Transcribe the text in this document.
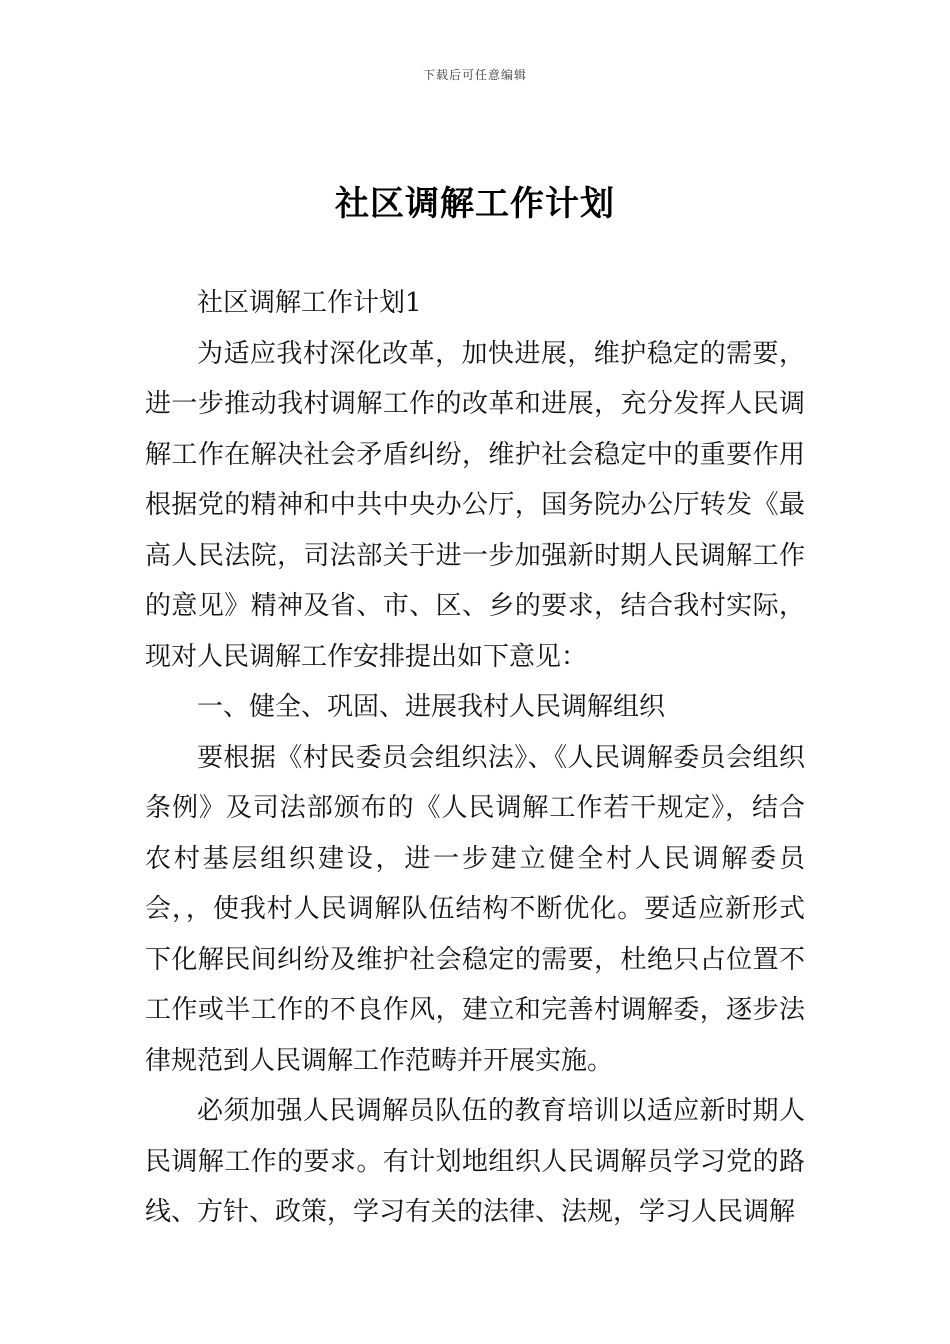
下载后可任意编辑
社区调解工作计划

社区调解工作计划1

为适应我村深化改革，加快进展，维护稳定的需要，进一步推动我村调解工作的改革和进展，充分发挥人民调解工作在解决社会矛盾纠纷，维护社会稳定中的重要作用根据党的精神和中共中央办公厅，国务院办公厅转发《最高人民法院，司法部关于进一步加强新时期人民调解工作的意见》精神及省、市、区、乡的要求，结合我村实际，现对人民调解工作安排提出如下意见：

一、健全、巩固、进展我村人民调解组织

要根据《村民委员会组织法》、《人民调解委员会组织条例》及司法部颁布的《人民调解工作若干规定》，结合农村基层组织建设，进一步建立健全村人民调解委员会，，使我村人民调解队伍结构不断优化。要适应新形式下化解民间纠纷及维护社会稳定的需要，杜绝只占位置不工作或半工作的不良作风，建立和完善村调解委，逐步法律规范到人民调解工作范畴并开展实施。

必须加强人民调解员队伍的教育培训以适应新时期人民调解工作的要求。有计划地组织人民调解员学习党的路线、方针、政策，学习有关的法律、法规，学习人民调解
